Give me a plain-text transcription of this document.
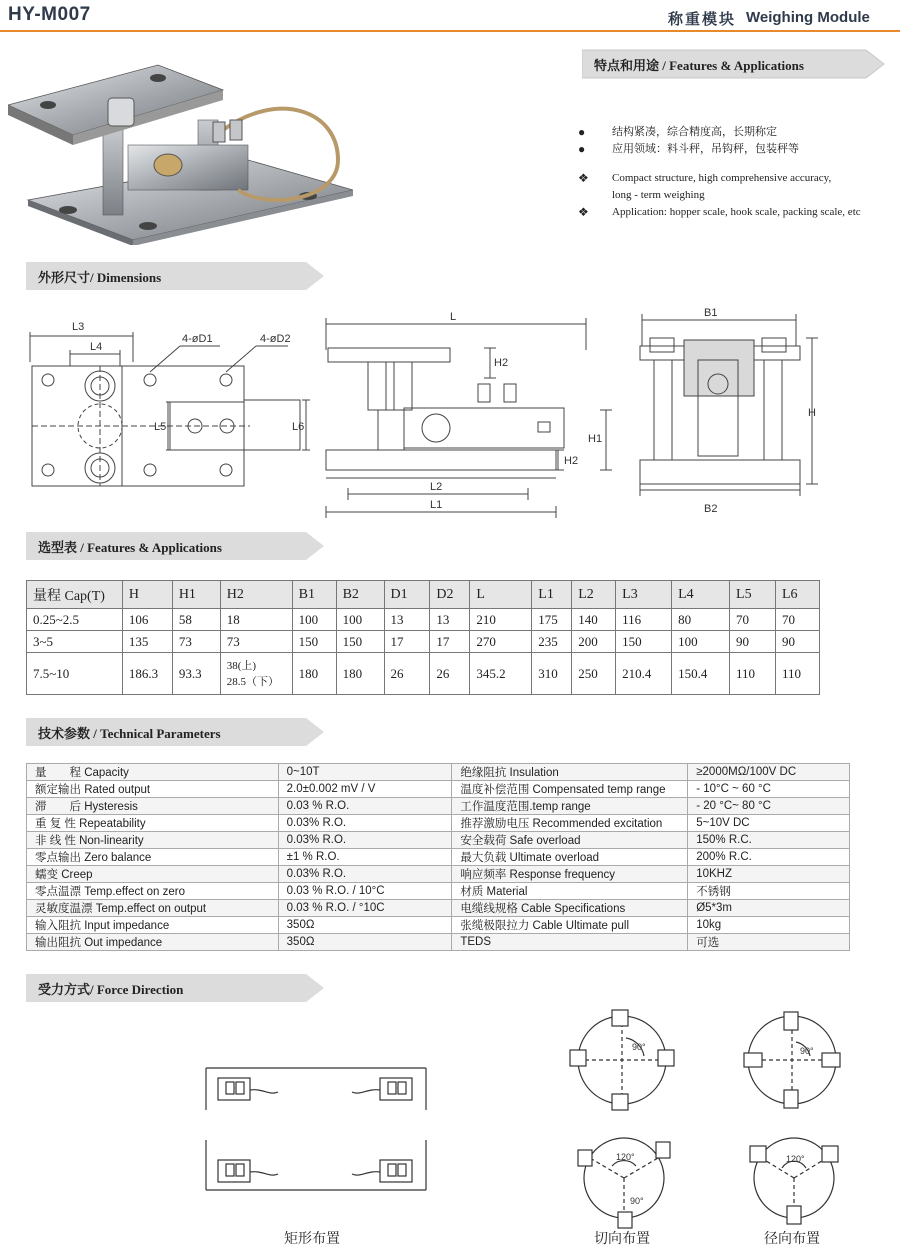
HY-M007	称重模块 Weighing Module
特点和用途 / Features & Applications
● 结构紧凑，综合精度高，长期称定
● 应用领域：料斗秤，吊钩秤，包装秤等
❖ Compact structure, high comprehensive accuracy,
long - term weighing
❖ Application: hopper scale, hook scale, packing scale, etc
外形尺寸/ Dimensions
L3
L4
4-øD1	4-øD2
L5	L6
L
H2
H1
H2
L2
L1
B1
H
B2
选型表 / Features & Applications
量程 Cap(T)	H	H1	H2	B1	B2	D1	D2	L	L1	L2	L3	L4	L5	L6
0.25~2.5	106	58	18	100	100	13	13	210	175	140	116	80	70	70
3~5	135	73	73	150	150	17	17	270	235	200	150	100	90	90
7.5~10	186.3	93.3	38(上)
28.5（下）	180	180	26	26	345.2	310	250	210.4	150.4	110	110
技术参数 / Technical Parameters
量　　程 Capacity	0~10T	绝缘阻抗 Insulation	≥2000MΩ/100V DC
额定输出 Rated output	2.0±0.002 mV / V	温度补偿范围 Compensated temp range	- 10°C ~ 60 °C
滞　　后 Hysteresis	0.03 % R.O.	工作温度范围.temp range	- 20 °C~ 80 °C
重 复 性 Repeatability	0.03% R.O.	推荐激励电压 Recommended excitation	5~10V DC
非 线 性 Non-linearity	0.03% R.O.	安全载荷 Safe overload	150% R.C.
零点输出 Zero balance	±1 % R.O.	最大负载 Ultimate overload	200% R.C.
蠕变 Creep	0.03% R.O.	响应频率 Response frequency	10KHZ
零点温漂 Temp.effect on zero	0.03 % R.O. / 10°C	材质 Material	不锈钢
灵敏度温漂 Temp.effect on output	0.03 % R.O. / °10C	电缆线规格 Cable Specifications	Ø5*3m
输入阻抗 Input impedance	350Ω	张缆极限拉力 Cable Ultimate pull	10kg
输出阻抗 Out impedance	350Ω	TEDS	可选
受力方式/ Force Direction
90°	90°
120°
90°
120°
矩形布置	切向布置	径向布置
